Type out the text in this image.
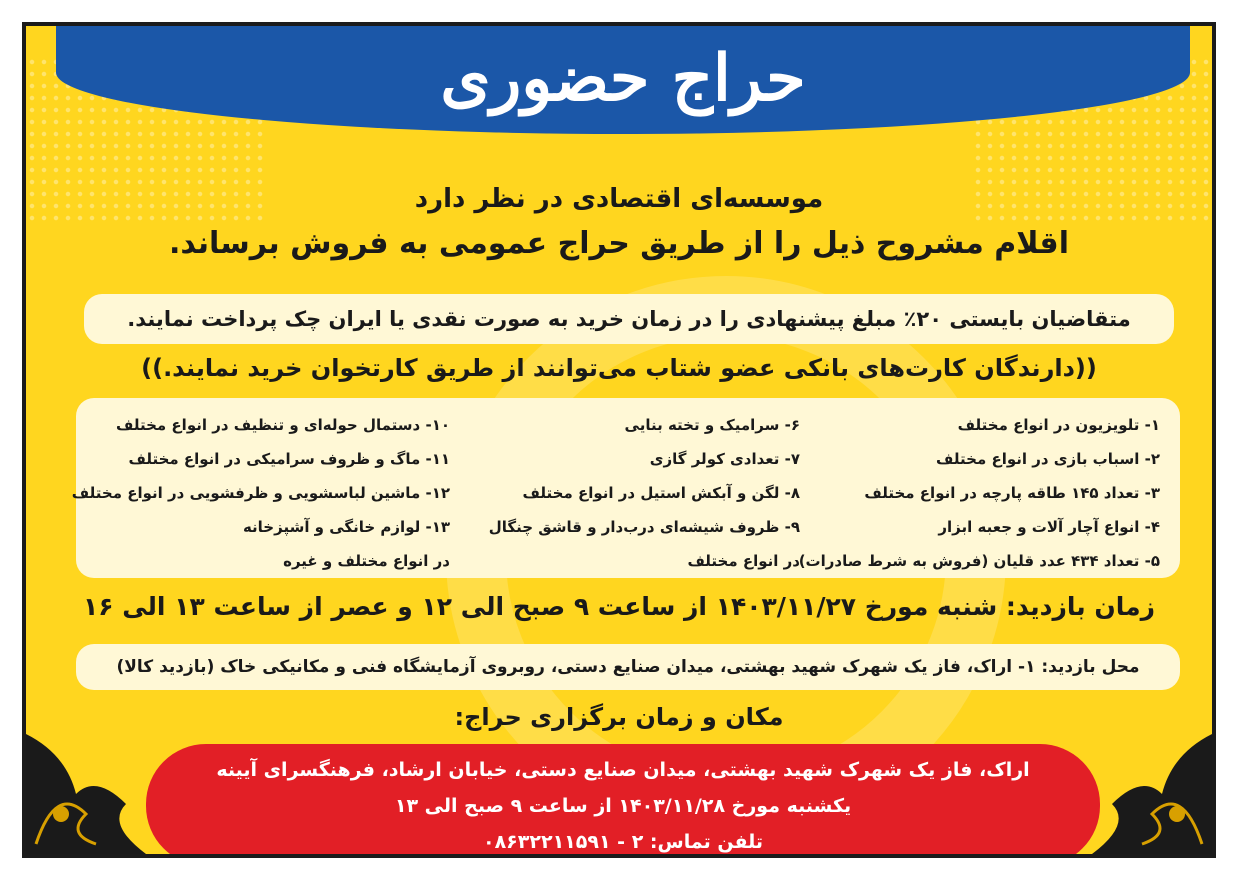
حراج حضوری
موسسه‌ای اقتصادی در نظر دارد
اقلام مشروح ذیل را از طریق حراج عمومی به فروش برساند.
متقاضیان بایستی ۲۰٪ مبلغ پیشنهادی را در زمان خرید به صورت نقدی یا ایران چک پرداخت نمایند.
((دارندگان کارت‌های بانکی عضو شتاب می‌توانند از طریق کارتخوان خرید نمایند.))
۱- تلویزیون در انواع مختلف
۲- اسباب بازی در انواع مختلف
۳- تعداد ۱۴۵ طاقه پارچه در انواع مختلف
۴- انواع آچار آلات و جعبه ابزار
۵- تعداد ۴۳۴ عدد قلیان (فروش به شرط صادرات)
۶- سرامیک و تخته بنایی
۷- تعدادی کولر گازی
۸- لگن و آبکش استیل در انواع مختلف
۹- ظروف شیشه‌ای درب‌دار و قاشق چنگال
در انواع مختلف
۱۰- دستمال حوله‌ای و تنظیف در انواع مختلف
۱۱- ماگ و ظروف سرامیکی در انواع مختلف
۱۲- ماشین لباسشویی و ظرفشویی در انواع مختلف
۱۳- لوازم خانگی و آشپزخانه
در انواع مختلف و غیره
زمان بازدید: شنبه مورخ ۱۴۰۳/۱۱/۲۷ از ساعت ۹ صبح الی ۱۲ و عصر از ساعت ۱۳ الی ۱۶
محل بازدید: ۱- اراک، فاز یک شهرک شهید بهشتی، میدان صنایع دستی، روبروی آزمایشگاه فنی و مکانیکی خاک (بازدید کالا)
مکان و زمان برگزاری حراج:
اراک، فاز یک شهرک شهید بهشتی، میدان صنایع دستی، خیابان ارشاد، فرهنگسرای آیینه
یکشنبه مورخ ۱۴۰۳/۱۱/۲۸ از ساعت ۹ صبح الی ۱۳
تلفن تماس: ۲ - ۰۸۶۳۲۲۱۱۵۹۱
